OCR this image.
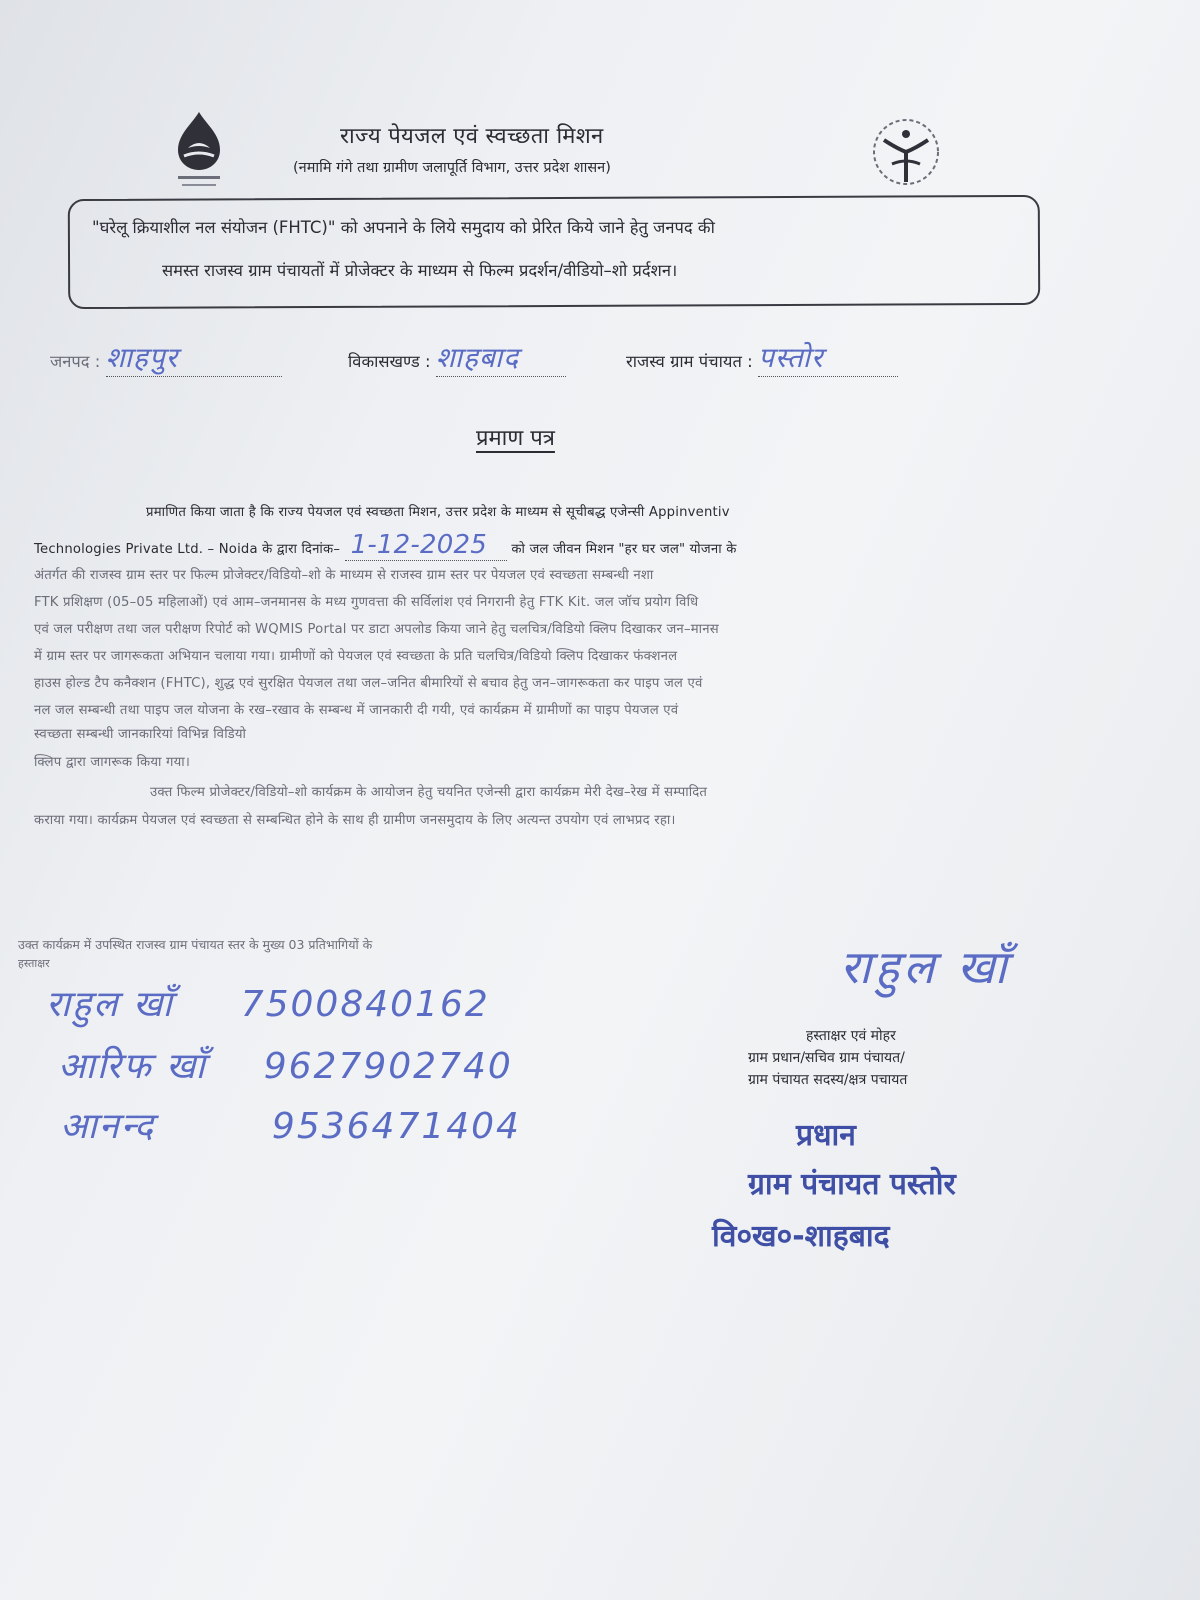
राज्य पेयजल एवं स्वच्छता मिशन
(नमामि गंगे तथा ग्रामीण जलापूर्ति विभाग, उत्तर प्रदेश शासन)
"घरेलू क्रियाशील नल संयोजन (FHTC)" को अपनाने के लिये समुदाय को प्रेरित किये जाने हेतु जनपद की
समस्त राजस्व ग्राम पंचायतों में प्रोजेक्टर के माध्यम से फिल्म प्रदर्शन/वीडियो–शो प्रर्दशन।
जनपद : शाहपुर	विकासखण्ड : शाहबाद	राजस्व ग्राम पंचायत : पस्तोर
प्रमाण पत्र
प्रमाणित किया जाता है कि राज्य पेयजल एवं स्वच्छता मिशन, उत्तर प्रदेश के माध्यम से सूचीबद्ध एजेन्सी Appinventiv
Technologies Private Ltd. – Noida के द्वारा दिनांक– 1-12-2025 को जल जीवन मिशन "हर घर जल" योजना के
अंतर्गत की राजस्व ग्राम स्तर पर फिल्म प्रोजेक्टर/विडियो–शो के माध्यम से राजस्व ग्राम स्तर पर पेयजल एवं स्वच्छता सम्बन्धी नशा
FTK प्रशिक्षण (05–05 महिलाओं) एवं आम–जनमानस के मध्य गुणवत्ता की सर्विलांश एवं निगरानी हेतु FTK Kit. जल जॉच प्रयोग विधि
एवं जल परीक्षण तथा जल परीक्षण रिपोर्ट को WQMIS Portal पर डाटा अपलोड किया जाने हेतु चलचित्र/विडियो क्लिप दिखाकर जन–मानस
में ग्राम स्तर पर जागरूकता अभियान चलाया गया। ग्रामीणों को पेयजल एवं स्वच्छता के प्रति चलचित्र/विडियो क्लिप दिखाकर फंक्शनल
हाउस होल्ड टैप कनैक्शन (FHTC), शुद्ध एवं सुरक्षित पेयजल तथा जल–जनित बीमारियों से बचाव हेतु जन–जागरूकता कर पाइप जल एवं
नल जल सम्बन्धी तथा पाइप जल योजना के रख–रखाव के सम्बन्ध में जानकारी दी गयी, एवं कार्यक्रम में ग्रामीणों का पाइप पेयजल एवं
स्वच्छता सम्बन्धी जानकारियां विभिन्न विडियो
क्लिप द्वारा जागरूक किया गया।
उक्त फिल्म प्रोजेक्टर/विडियो–शो कार्यक्रम के आयोजन हेतु चयनित एजेन्सी द्वारा कार्यक्रम मेरी देख–रेख में सम्पादित
कराया गया। कार्यक्रम पेयजल एवं स्वच्छता से सम्बन्धित होने के साथ ही ग्रामीण जनसमुदाय के लिए अत्यन्त उपयोग एवं लाभप्रद रहा।
उक्त कार्यक्रम में उपस्थित राजस्व ग्राम पंचायत स्तर के मुख्य 03 प्रतिभागियों के
हस्ताक्षर
राहुल खाँ 7500840162
आरिफ खाँ 9627902740
आनन्द	9536471404
राहुल खाँ
हस्ताक्षर एवं मोहर
ग्राम प्रधान/सचिव ग्राम पंचायत/
ग्राम पंचायत सदस्य/क्षत्र पचायत
प्रधान
ग्राम पंचायत पस्तोर
वि०ख०-शाहबाद
